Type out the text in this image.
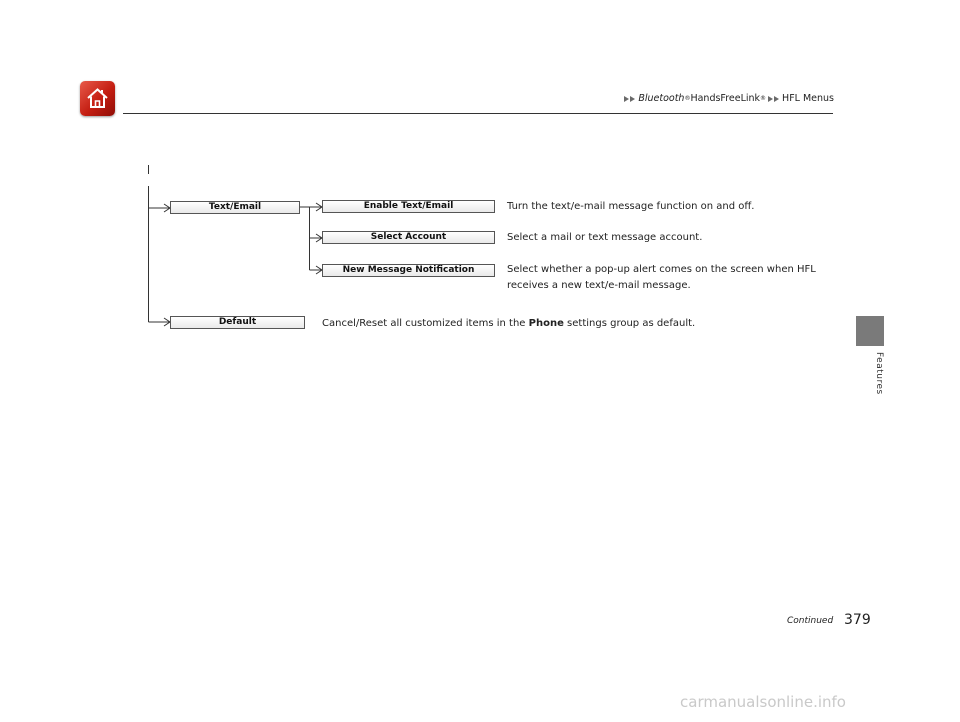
Bluetooth ® HandsFreeLink ® HFL Menus
Features
Text/Email	Enable Text/Email
Select Account
New Message Notification
Default
Turn the text/e-mail message function on and off.
Select a mail or text message account.
Select whether a pop-up alert comes on the screen when HFL
receives a new text/e-mail message.
Cancel/Reset all customized items in the Phone settings group as default.
Continued 379
carmanualsonline.info
